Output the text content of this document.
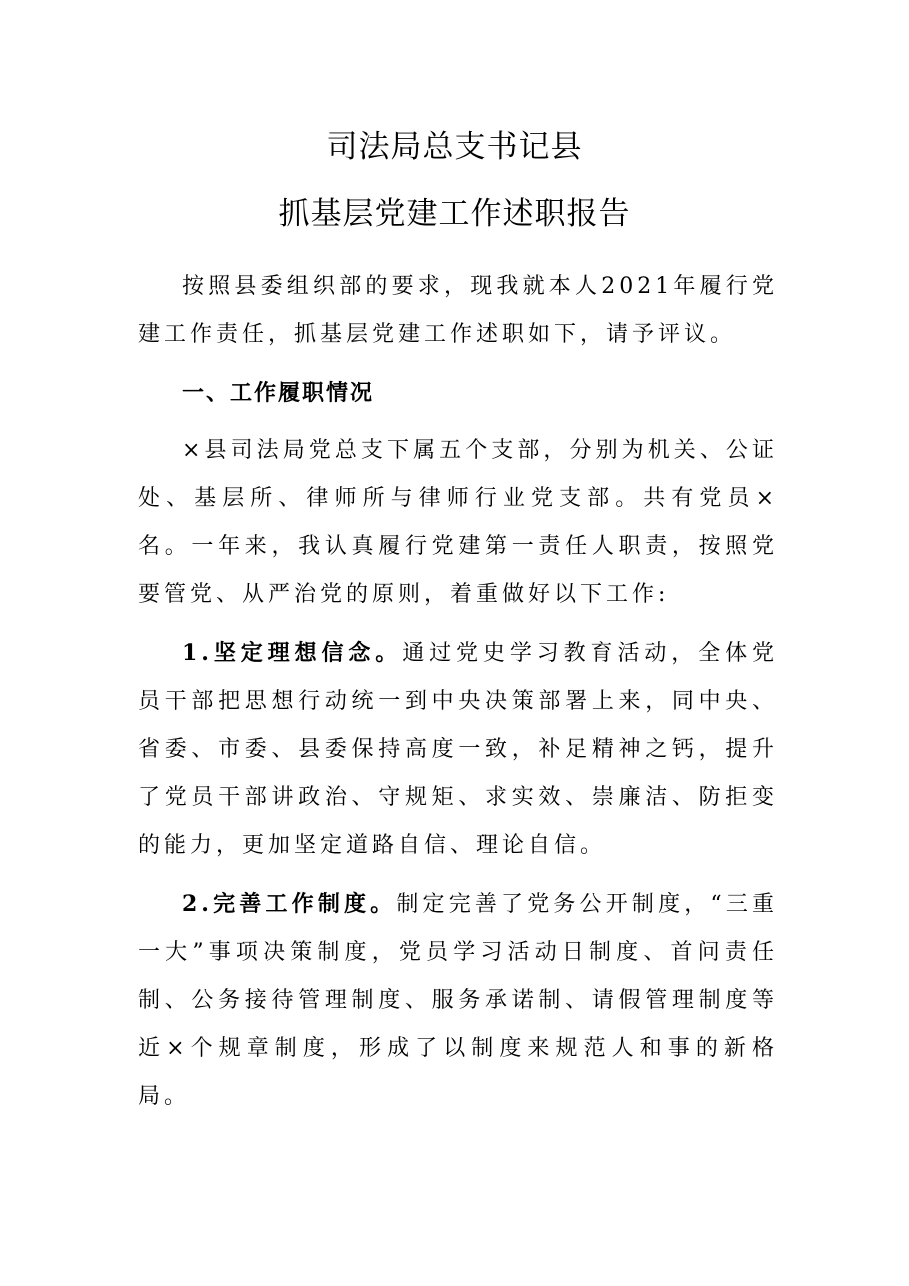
司法局总支书记县
抓基层党建工作述职报告

按照县委组织部的要求，现我就本人2021年履行党建工作责任，抓基层党建工作述职如下，请予评议。

一、工作履职情况

×县司法局党总支下属五个支部，分别为机关、公证处、基层所、律师所与律师行业党支部。共有党员×名。一年来，我认真履行党建第一责任人职责，按照党要管党、从严治党的原则，着重做好以下工作:

1.坚定理想信念。通过党史学习教育活动，全体党员干部把思想行动统一到中央决策部署上来，同中央、省委、市委、县委保持高度一致，补足精神之钙，提升了党员干部讲政治、守规矩、求实效、崇廉洁、防拒变的能力，更加坚定道路自信、理论自信。

2.完善工作制度。制定完善了党务公开制度，“三重一大”事项决策制度，党员学习活动日制度、首问责任制、公务接待管理制度、服务承诺制、请假管理制度等近×个规章制度，形成了以制度来规范人和事的新格局。
